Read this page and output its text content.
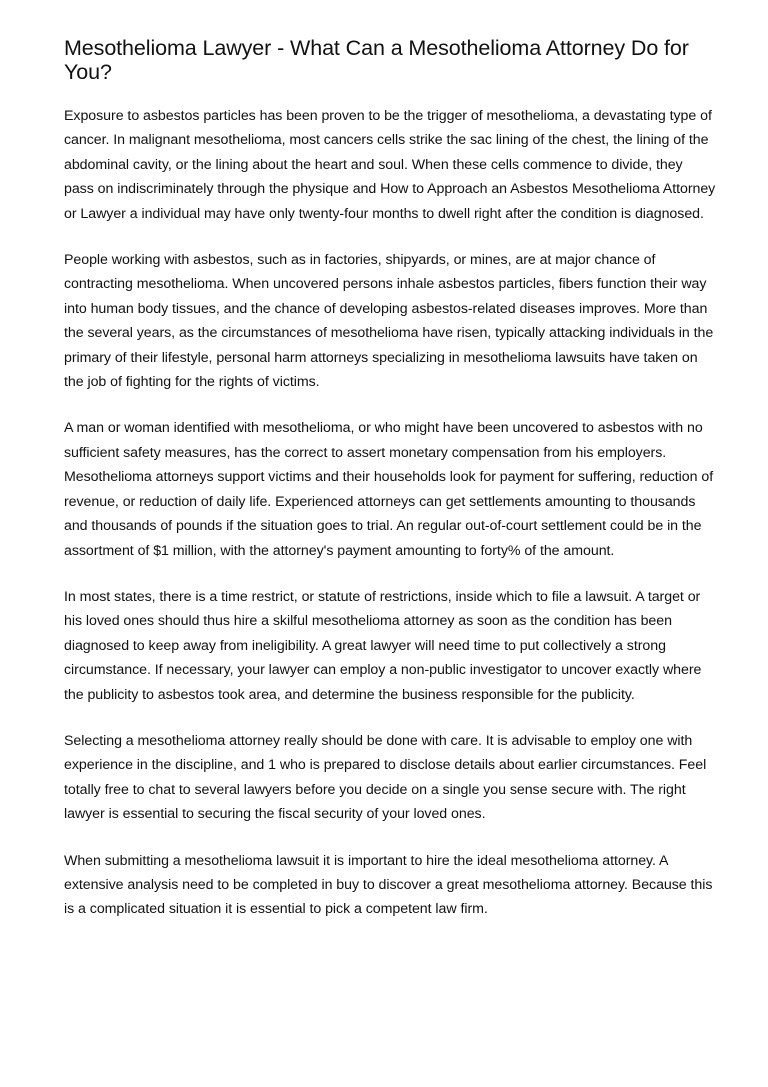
Mesothelioma Lawyer - What Can a Mesothelioma Attorney Do for You?

Exposure to asbestos particles has been proven to be the trigger of mesothelioma, a devastating type of cancer. In malignant mesothelioma, most cancers cells strike the sac lining of the chest, the lining of the abdominal cavity, or the lining about the heart and soul. When these cells commence to divide, they pass on indiscriminately through the physique and How to Approach an Asbestos Mesothelioma Attorney or Lawyer a individual may have only twenty-four months to dwell right after the condition is diagnosed.

People working with asbestos, such as in factories, shipyards, or mines, are at major chance of contracting mesothelioma. When uncovered persons inhale asbestos particles, fibers function their way into human body tissues, and the chance of developing asbestos-related diseases improves. More than the several years, as the circumstances of mesothelioma have risen, typically attacking individuals in the primary of their lifestyle, personal harm attorneys specializing in mesothelioma lawsuits have taken on the job of fighting for the rights of victims.

A man or woman identified with mesothelioma, or who might have been uncovered to asbestos with no sufficient safety measures, has the correct to assert monetary compensation from his employers. Mesothelioma attorneys support victims and their households look for payment for suffering, reduction of revenue, or reduction of daily life. Experienced attorneys can get settlements amounting to thousands and thousands of pounds if the situation goes to trial. An regular out-of-court settlement could be in the assortment of $1 million, with the attorney's payment amounting to forty% of the amount.

In most states, there is a time restrict, or statute of restrictions, inside which to file a lawsuit. A target or his loved ones should thus hire a skilful mesothelioma attorney as soon as the condition has been diagnosed to keep away from ineligibility. A great lawyer will need time to put collectively a strong circumstance. If necessary, your lawyer can employ a non-public investigator to uncover exactly where the publicity to asbestos took area, and determine the business responsible for the publicity.

Selecting a mesothelioma attorney really should be done with care. It is advisable to employ one with experience in the discipline, and 1 who is prepared to disclose details about earlier circumstances. Feel totally free to chat to several lawyers before you decide on a single you sense secure with. The right lawyer is essential to securing the fiscal security of your loved ones.

When submitting a mesothelioma lawsuit it is important to hire the ideal mesothelioma attorney. A extensive analysis need to be completed in buy to discover a great mesothelioma attorney. Because this is a complicated situation it is essential to pick a competent law firm.
